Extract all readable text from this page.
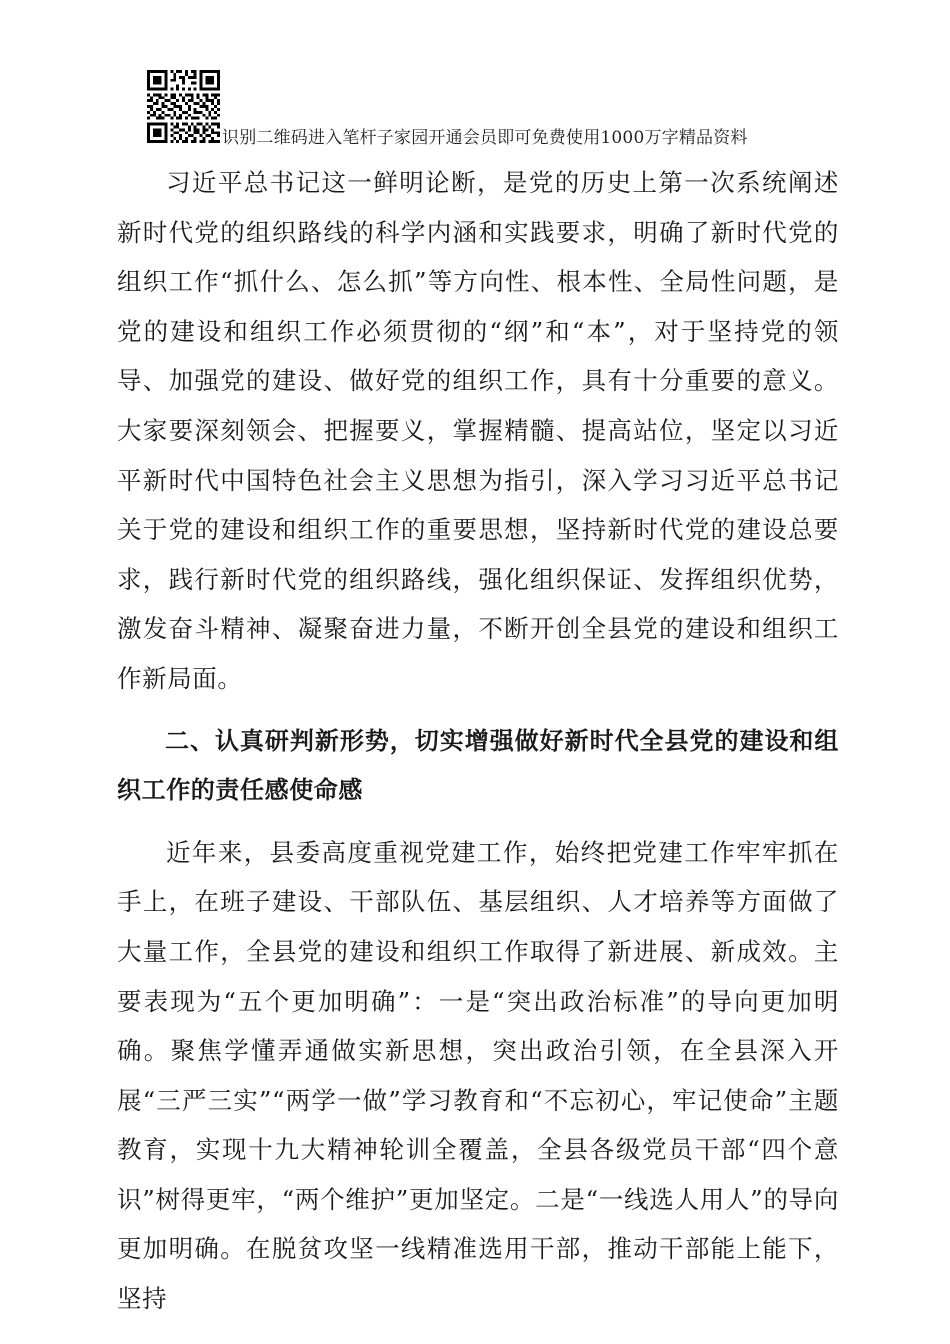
识别二维码进入笔杆子家园开通会员即可免费使用1000万字精品资料

习近平总书记这一鲜明论断，是党的历史上第一次系统阐述新时代党的组织路线的科学内涵和实践要求，明确了新时代党的组织工作“抓什么、怎么抓”等方向性、根本性、全局性问题，是党的建设和组织工作必须贯彻的“纲”和“本”，对于坚持党的领导、加强党的建设、做好党的组织工作，具有十分重要的意义。大家要深刻领会、把握要义，掌握精髓、提高站位，坚定以习近平新时代中国特色社会主义思想为指引，深入学习习近平总书记关于党的建设和组织工作的重要思想，坚持新时代党的建设总要求，践行新时代党的组织路线，强化组织保证、发挥组织优势，激发奋斗精神、凝聚奋进力量，不断开创全县党的建设和组织工作新局面。

二、认真研判新形势，切实增强做好新时代全县党的建设和组织工作的责任感使命感

近年来，县委高度重视党建工作，始终把党建工作牢牢抓在手上，在班子建设、干部队伍、基层组织、人才培养等方面做了大量工作，全县党的建设和组织工作取得了新进展、新成效。主要表现为“五个更加明确”：一是“突出政治标准”的导向更加明确。聚焦学懂弄通做实新思想，突出政治引领，在全县深入开展“三严三实”“两学一做”学习教育和“不忘初心，牢记使命”主题教育，实现十九大精神轮训全覆盖，全县各级党员干部“四个意识”树得更牢，“两个维护”更加坚定。二是“一线选人用人”的导向更加明确。在脱贫攻坚一线精准选用干部，推动干部能上能下，坚持
